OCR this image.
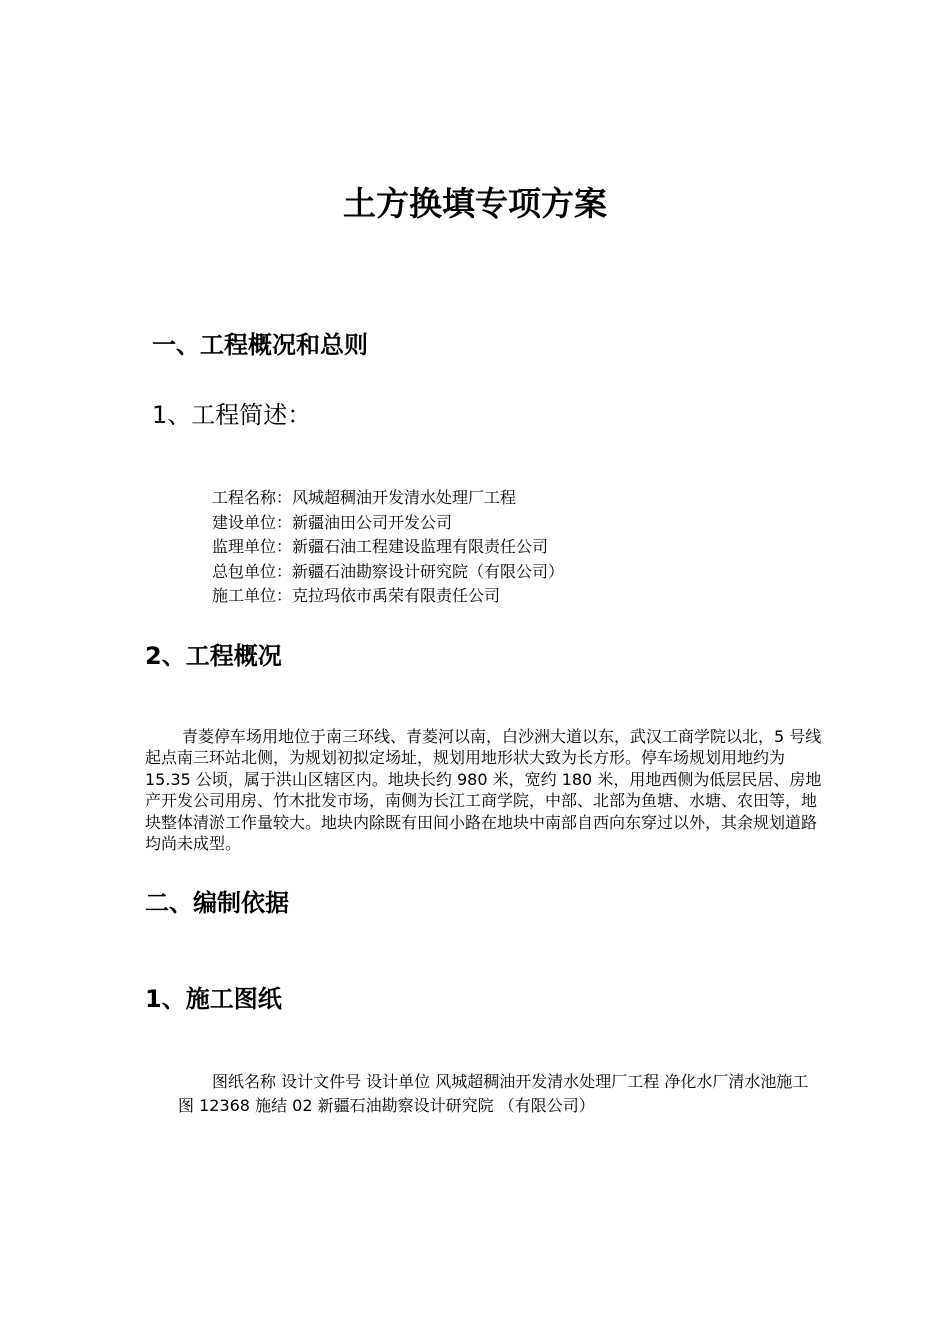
土方换填专项方案
一、工程概况和总则
1、工程简述：
工程名称：风城超稠油开发清水处理厂工程
建设单位：新疆油田公司开发公司
监理单位：新疆石油工程建设监理有限责任公司
总包单位：新疆石油勘察设计研究院（有限公司）
施工单位：克拉玛依市禹荣有限责任公司
2、工程概况

青菱停车场用地位于南三环线、青菱河以南，白沙洲大道以东，武汉工商学院以北，5 号线起点南三环站北侧，为规划初拟定场址，规划用地形状大致为长方形。停车场规划用地约为 15.35 公顷，属于洪山区辖区内。地块长约 980 米，宽约 180 米，用地西侧为低层民居、房地产开发公司用房、竹木批发市场，南侧为长江工商学院，中部、北部为鱼塘、水塘、农田等，地块整体清淤工作量较大。地块内除既有田间小路在地块中南部自西向东穿过以外，其余规划道路均尚未成型。

二、编制依据
1、施工图纸

图纸名称 设计文件号 设计单位 风城超稠油开发清水处理厂工程 净化水厂清水池施工图 12368 施结 02 新疆石油勘察设计研究院 （有限公司）
